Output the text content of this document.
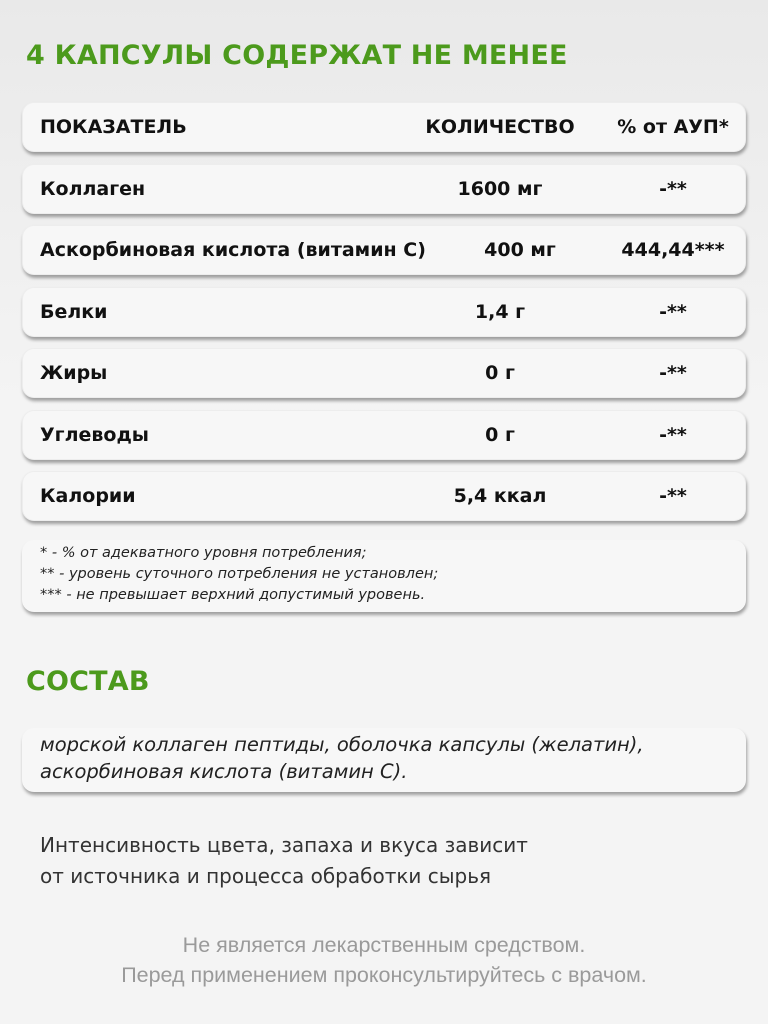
4 КАПСУЛЫ СОДЕРЖАТ НЕ МЕНЕЕ
ПОКАЗАТЕЛЬ	КОЛИЧЕСТВО	% от АУП*
Коллаген	1600 мг	-**
Аскорбиновая кислота (витамин С)	400 мг	444,44***
Белки	1,4 г	-**
Жиры	0 г	-**
Углеводы	0 г	-**
Калории	5,4 ккал	-**
* - % от адекватного уровня потребления;
** - уровень суточного потребления не установлен;
*** - не превышает верхний допустимый уровень.
СОСТАВ
морской коллаген пептиды, оболочка капсулы (желатин),
аскорбиновая кислота (витамин С).
Интенсивность цвета, запаха и вкуса зависит
от источника и процесса обработки сырья
Не является лекарственным средством.
Перед применением проконсультируйтесь с врачом.
